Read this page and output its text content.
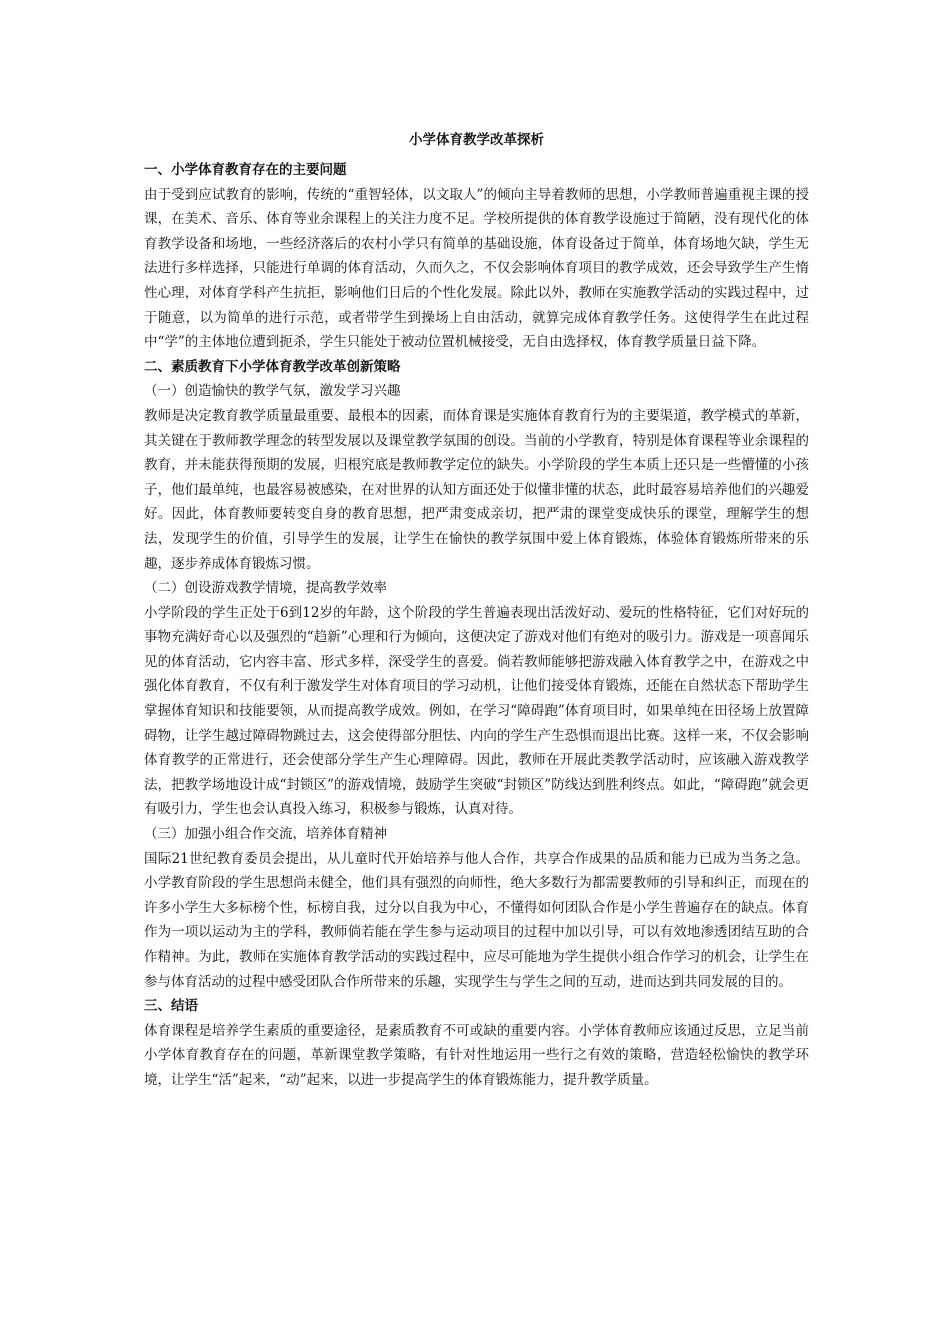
小学体育教学改革探析
一、小学体育教育存在的主要问题
由于受到应试教育的影响，传统的“重智轻体，以文取人”的倾向主导着教师的思想，小学教师普遍重视主课的授课，在美术、音乐、体育等业余课程上的关注力度不足。学校所提供的体育教学设施过于简陋，没有现代化的体育教学设备和场地，一些经济落后的农村小学只有简单的基础设施，体育设备过于简单，体育场地欠缺，学生无法进行多样选择，只能进行单调的体育活动，久而久之，不仅会影响体育项目的教学成效，还会导致学生产生惰性心理，对体育学科产生抗拒，影响他们日后的个性化发展。除此以外，教师在实施教学活动的实践过程中，过于随意，以为简单的进行示范，或者带学生到操场上自由活动，就算完成体育教学任务。这使得学生在此过程中“学”的主体地位遭到扼杀，学生只能处于被动位置机械接受，无自由选择权，体育教学质量日益下降。
二、素质教育下小学体育教学改革创新策略
（一）创造愉快的教学气氛，激发学习兴趣
教师是决定教育教学质量最重要、最根本的因素，而体育课是实施体育教育行为的主要渠道，教学模式的革新，其关键在于教师教学理念的转型发展以及课堂教学氛围的创设。当前的小学教育，特别是体育课程等业余课程的教育，并未能获得预期的发展，归根究底是教师教学定位的缺失。小学阶段的学生本质上还只是一些懵懂的小孩子，他们最单纯，也最容易被感染，在对世界的认知方面还处于似懂非懂的状态，此时最容易培养他们的兴趣爱好。因此，体育教师要转变自身的教育思想，把严肃变成亲切，把严肃的课堂变成快乐的课堂，理解学生的想法，发现学生的价值，引导学生的发展，让学生在愉快的教学氛围中爱上体育锻炼，体验体育锻炼所带来的乐趣，逐步养成体育锻炼习惯。
（二）创设游戏教学情境，提高教学效率
小学阶段的学生正处于6到12岁的年龄，这个阶段的学生普遍表现出活泼好动、爱玩的性格特征，它们对好玩的事物充满好奇心以及强烈的“趋新”心理和行为倾向，这便决定了游戏对他们有绝对的吸引力。游戏是一项喜闻乐见的体育活动，它内容丰富、形式多样，深受学生的喜爱。倘若教师能够把游戏融入体育教学之中，在游戏之中强化体育教育，不仅有利于激发学生对体育项目的学习动机，让他们接受体育锻炼，还能在自然状态下帮助学生掌握体育知识和技能要领，从而提高教学成效。例如，在学习“障碍跑”体育项目时，如果单纯在田径场上放置障碍物，让学生越过障碍物跳过去，这会使得部分胆怯、内向的学生产生恐惧而退出比赛。这样一来，不仅会影响体育教学的正常进行，还会使部分学生产生心理障碍。因此，教师在开展此类教学活动时，应该融入游戏教学法，把教学场地设计成“封锁区”的游戏情境，鼓励学生突破“封锁区”防线达到胜利终点。如此，“障碍跑”就会更有吸引力，学生也会认真投入练习，积极参与锻炼，认真对待。
（三）加强小组合作交流，培养体育精神
国际21世纪教育委员会提出，从儿童时代开始培养与他人合作，共享合作成果的品质和能力已成为当务之急。小学教育阶段的学生思想尚未健全，他们具有强烈的向师性，绝大多数行为都需要教师的引导和纠正，而现在的许多小学生大多标榜个性，标榜自我，过分以自我为中心，不懂得如何团队合作是小学生普遍存在的缺点。体育作为一项以运动为主的学科，教师倘若能在学生参与运动项目的过程中加以引导，可以有效地渗透团结互助的合作精神。为此，教师在实施体育教学活动的实践过程中，应尽可能地为学生提供小组合作学习的机会，让学生在参与体育活动的过程中感受团队合作所带来的乐趣，实现学生与学生之间的互动，进而达到共同发展的目的。
三、结语
体育课程是培养学生素质的重要途径，是素质教育不可或缺的重要内容。小学体育教师应该通过反思，立足当前小学体育教育存在的问题，革新课堂教学策略，有针对性地运用一些行之有效的策略，营造轻松愉快的教学环境，让学生“活”起来，“动”起来，以进一步提高学生的体育锻炼能力，提升教学质量。
